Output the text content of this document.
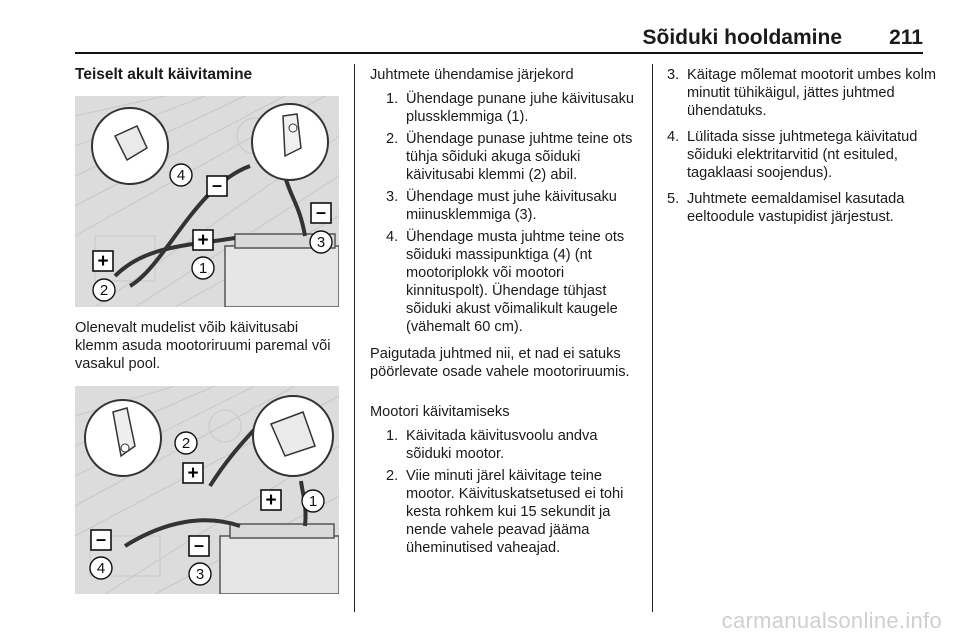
Sõiduki hooldamine 211
Teiselt akult käivitamine
–
–
+
+
4
3
1
2
Olenevalt mudelist võib käivitusabi klemm asuda mootoriruumi paremal või vasakul pool.
+
+
–	–
2
1
4	3
Juhtmete ühendamise järjekord
1. Ühendage punane juhe käivitusaku plussklemmiga (1).
2. Ühendage punase juhtme teine ots tühja sõiduki akuga sõiduki käivitusabi klemmi (2) abil.
3. Ühendage must juhe käivitusaku miinusklemmiga (3).
4. Ühendage musta juhtme teine ots sõiduki massipunktiga (4) (nt mootoriplokk või mootori kinnituspolt). Ühendage tühjast sõiduki akust võimalikult kaugele (vähemalt 60 cm).
Paigutada juhtmed nii, et nad ei satuks pöörlevate osade vahele mootoriruumis.
Mootori käivitamiseks
1. Käivitada käivitusvoolu andva sõiduki mootor.
2. Viie minuti järel käivitage teine mootor. Käivituskatsetused ei tohi kesta rohkem kui 15 sekundit ja nende vahele peavad jääma üheminutised vaheajad.
3. Käitage mõlemat mootorit umbes kolm minutit tühikäigul, jättes juhtmed ühendatuks.
4. Lülitada sisse juhtmetega käivitatud sõiduki elektritarvitid (nt esituled, tagaklaasi soojendus).
5. Juhtmete eemaldamisel kasutada eeltoodule vastupidist järjestust.
carmanualsonline.info
